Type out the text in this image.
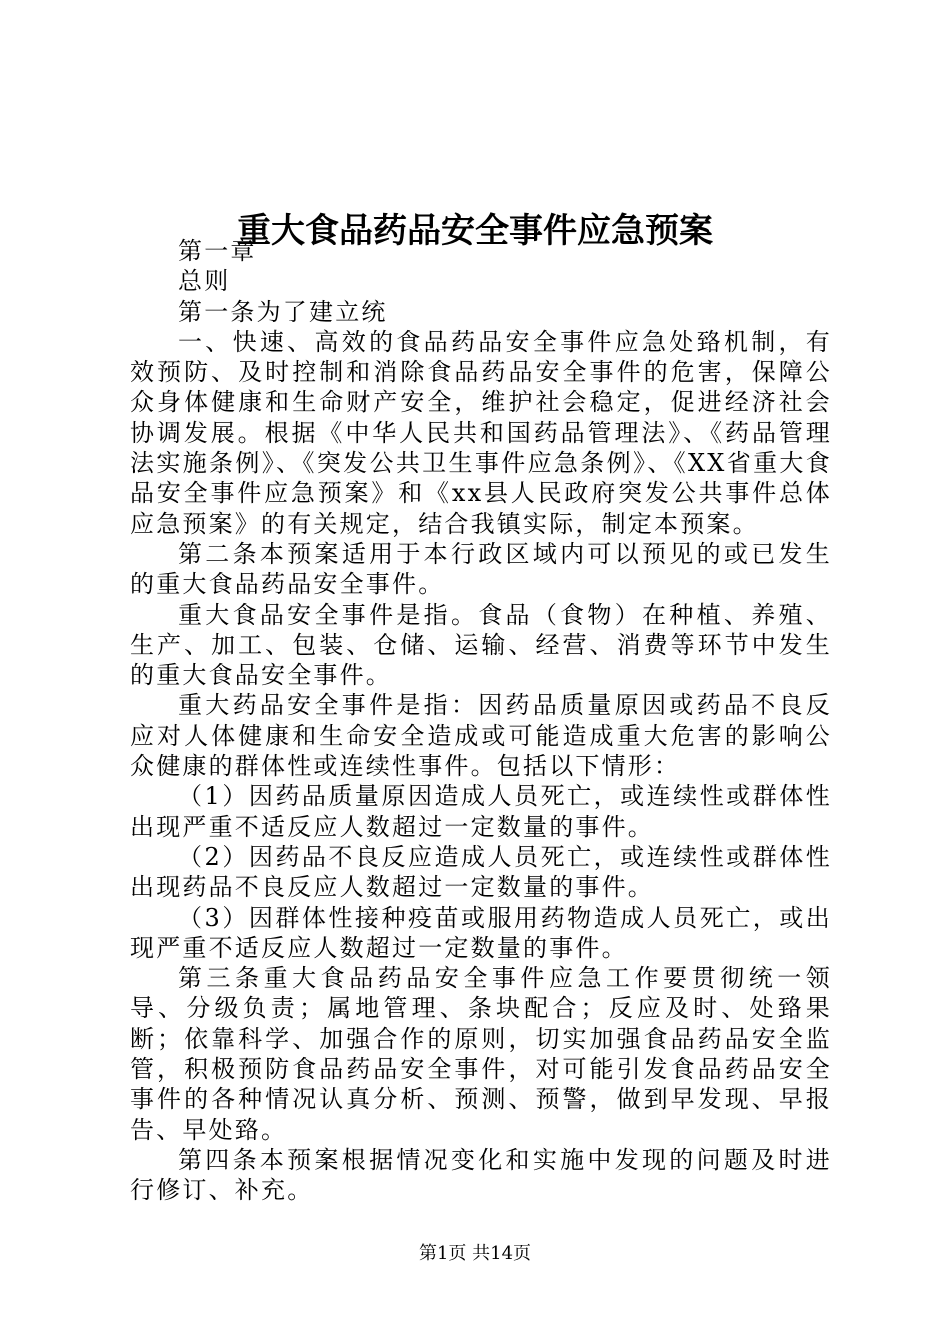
重大食品药品安全事件应急预案

第一章

总则

第一条为了建立统

一、快速、高效的食品药品安全事件应急处臵机制，有效预防、及时控制和消除食品药品安全事件的危害，保障公众身体健康和生命财产安全，维护社会稳定，促进经济社会协调发展。根据《中华人民共和国药品管理法》、《药品管理法实施条例》、《突发公共卫生事件应急条例》、《XX省重大食品安全事件应急预案》和《xx县人民政府突发公共事件总体应急预案》的有关规定，结合我镇实际，制定本预案。

第二条本预案适用于本行政区域内可以预见的或已发生的重大食品药品安全事件。

重大食品安全事件是指。食品（食物）在种植、养殖、生产、加工、包装、仓储、运输、经营、消费等环节中发生的重大食品安全事件。

重大药品安全事件是指：因药品质量原因或药品不良反应对人体健康和生命安全造成或可能造成重大危害的影响公众健康的群体性或连续性事件。包括以下情形：

（1）因药品质量原因造成人员死亡，或连续性或群体性出现严重不适反应人数超过一定数量的事件。

（2）因药品不良反应造成人员死亡，或连续性或群体性出现药品不良反应人数超过一定数量的事件。

（3）因群体性接种疫苗或服用药物造成人员死亡，或出现严重不适反应人数超过一定数量的事件。

第三条重大食品药品安全事件应急工作要贯彻统一领导、分级负责；属地管理、条块配合；反应及时、处臵果断；依靠科学、加强合作的原则，切实加强食品药品安全监管，积极预防食品药品安全事件，对可能引发食品药品安全事件的各种情况认真分析、预测、预警，做到早发现、早报告、早处臵。

第四条本预案根据情况变化和实施中发现的问题及时进行修订、补充。

第1页 共14页
